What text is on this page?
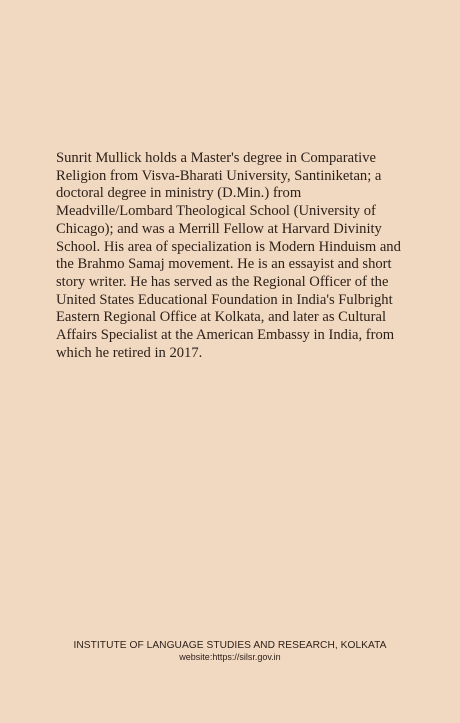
Sunrit Mullick holds a Master's degree in Comparative
Religion from Visva-Bharati University, Santiniketan; a
doctoral degree in ministry (D.Min.) from
Meadville/Lombard Theological School (University of
Chicago); and was a Merrill Fellow at Harvard Divinity
School. His area of specialization is Modern Hinduism and
the Brahmo Samaj movement. He is an essayist and short
story writer. He has served as the Regional Officer of the
United States Educational Foundation in India's Fulbright
Eastern Regional Office at Kolkata, and later as Cultural
Affairs Specialist at the American Embassy in India, from
which he retired in 2017.

INSTITUTE OF LANGUAGE STUDIES AND RESEARCH, KOLKATA
website:https://silsr.gov.in
